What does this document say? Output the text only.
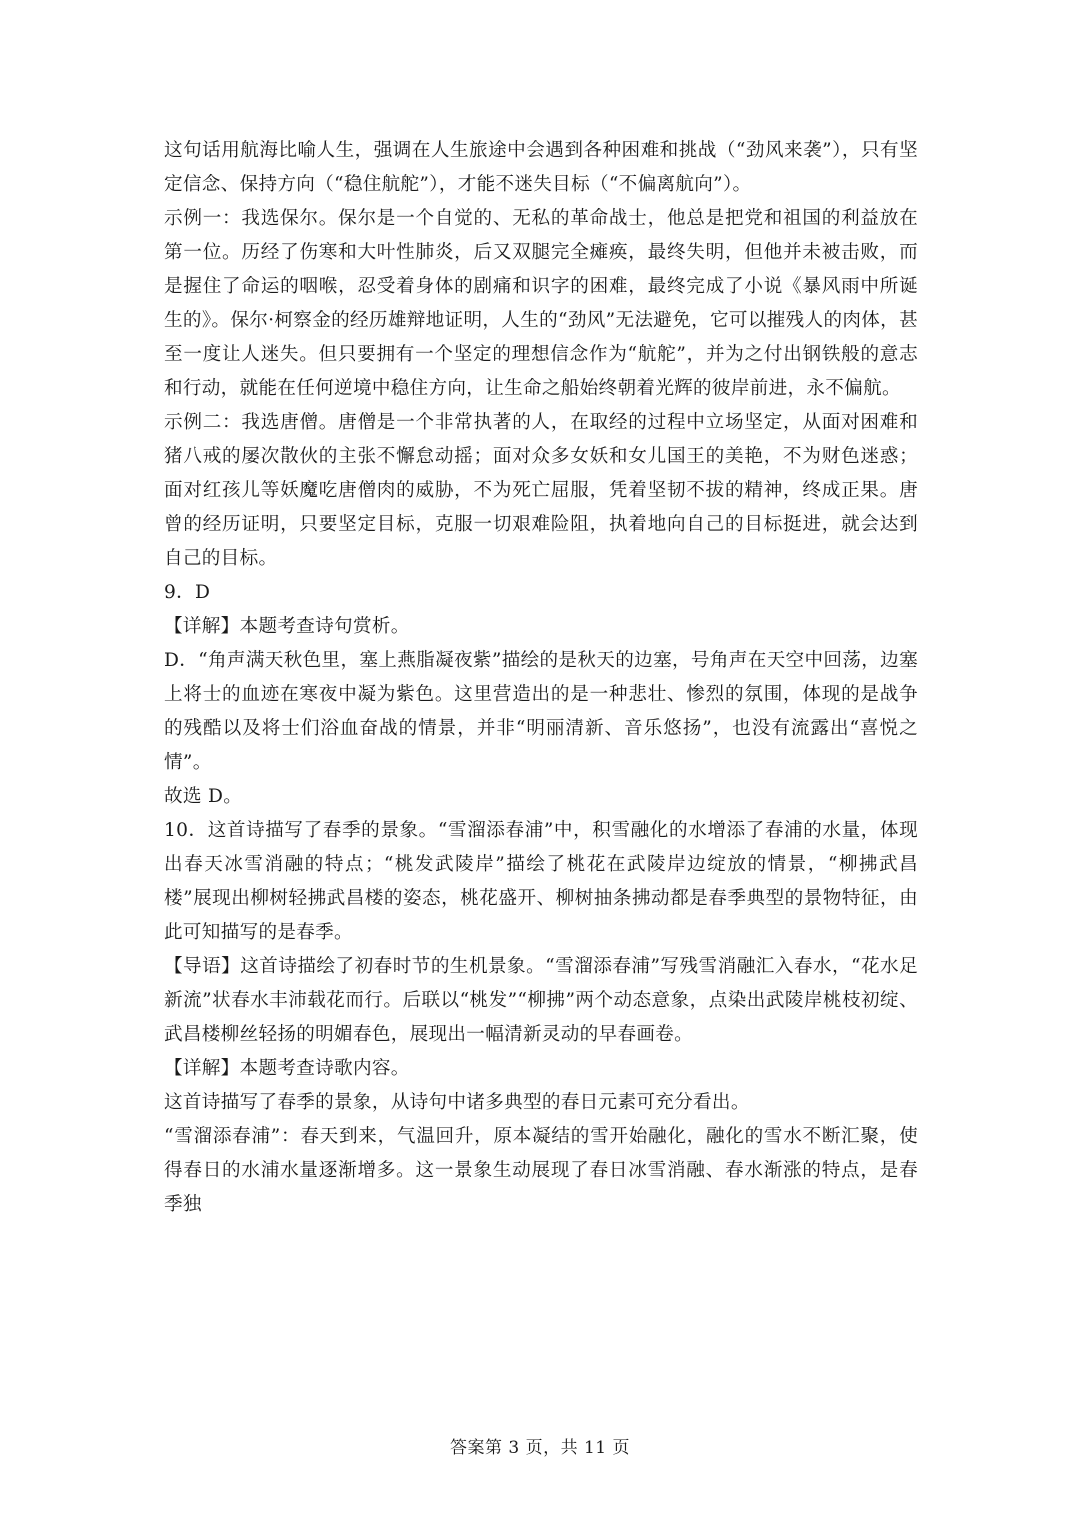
这句话用航海比喻人生，强调在人生旅途中会遇到各种困难和挑战（“劲风来袭”），只有坚定信念、保持方向（“稳住航舵”），才能不迷失目标（“不偏离航向”）。

示例一：我选保尔。保尔是一个自觉的、无私的革命战士，他总是把党和祖国的利益放在第一位。历经了伤寒和大叶性肺炎，后又双腿完全瘫痪，最终失明，但他并未被击败，而是握住了命运的咽喉，忍受着身体的剧痛和识字的困难，最终完成了小说《暴风雨中所诞生的》。保尔·柯察金的经历雄辩地证明，人生的“劲风”无法避免，它可以摧残人的肉体，甚至一度让人迷失。但只要拥有一个坚定的理想信念作为“航舵”，并为之付出钢铁般的意志和行动，就能在任何逆境中稳住方向，让生命之船始终朝着光辉的彼岸前进，永不偏航。

示例二：我选唐僧。唐僧是一个非常执著的人，在取经的过程中立场坚定，从面对困难和猪八戒的屡次散伙的主张不懈怠动摇；面对众多女妖和女儿国王的美艳，不为财色迷惑；面对红孩儿等妖魔吃唐僧肉的威胁，不为死亡屈服，凭着坚韧不拔的精神，终成正果。唐曾的经历证明，只要坚定目标，克服一切艰难险阻，执着地向自己的目标挺进，就会达到自己的目标。

9．D

【详解】本题考查诗句赏析。

D．“角声满天秋色里，塞上燕脂凝夜紫”描绘的是秋天的边塞，号角声在天空中回荡，边塞上将士的血迹在寒夜中凝为紫色。这里营造出的是一种悲壮、惨烈的氛围，体现的是战争的残酷以及将士们浴血奋战的情景，并非“明丽清新、音乐悠扬”，也没有流露出“喜悦之情”。

故选 D。

10．这首诗描写了春季的景象。“雪溜添春浦”中，积雪融化的水增添了春浦的水量，体现出春天冰雪消融的特点；“桃发武陵岸”描绘了桃花在武陵岸边绽放的情景，“柳拂武昌楼”展现出柳树轻拂武昌楼的姿态，桃花盛开、柳树抽条拂动都是春季典型的景物特征，由此可知描写的是春季。

【导语】这首诗描绘了初春时节的生机景象。“雪溜添春浦”写残雪消融汇入春水，“花水足新流”状春水丰沛载花而行。后联以“桃发”“柳拂”两个动态意象，点染出武陵岸桃枝初绽、武昌楼柳丝轻扬的明媚春色，展现出一幅清新灵动的早春画卷。

【详解】本题考查诗歌内容。

这首诗描写了春季的景象，从诗句中诸多典型的春日元素可充分看出。

“雪溜添春浦”：春天到来，气温回升，原本凝结的雪开始融化，融化的雪水不断汇聚，使得春日的水浦水量逐渐增多。这一景象生动展现了春日冰雪消融、春水渐涨的特点，是春季独

答案第 3 页，共 11 页
